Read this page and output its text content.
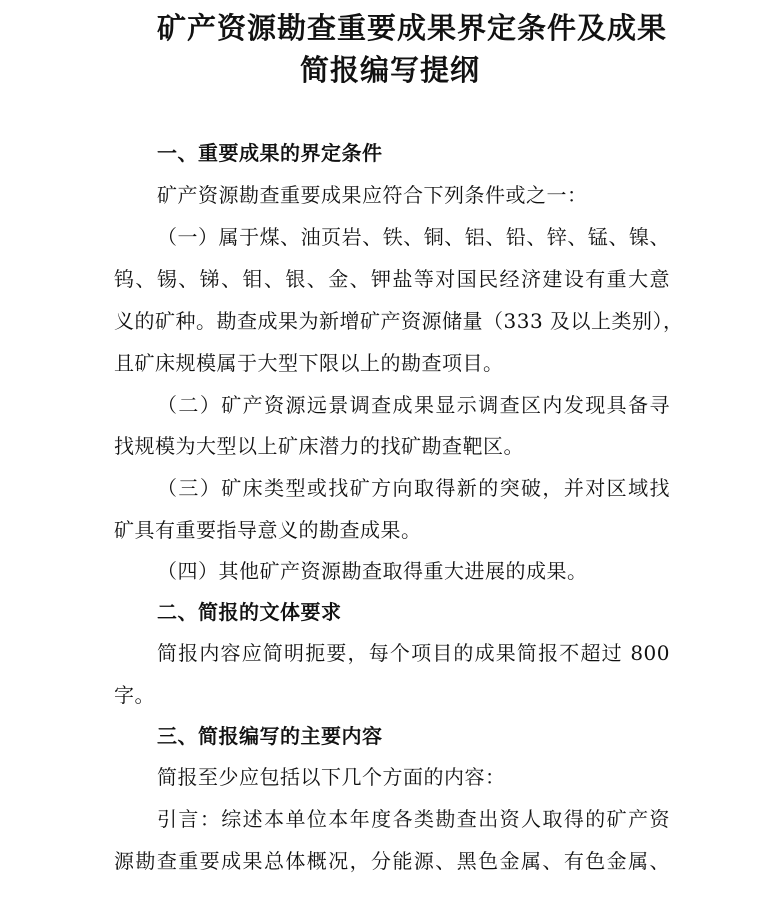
矿产资源勘查重要成果界定条件及成果
简报编写提纲
一、重要成果的界定条件
矿产资源勘查重要成果应符合下列条件或之一：
（一）属于煤、油页岩、铁、铜、铝、铅、锌、锰、镍、
钨、锡、锑、钼、银、金、钾盐等对国民经济建设有重大意
义的矿种。勘查成果为新增矿产资源储量（333 及以上类别），
且矿床规模属于大型下限以上的勘查项目。
（二）矿产资源远景调查成果显示调查区内发现具备寻
找规模为大型以上矿床潜力的找矿勘查靶区。
（三）矿床类型或找矿方向取得新的突破，并对区域找
矿具有重要指导意义的勘查成果。
（四）其他矿产资源勘查取得重大进展的成果。
二、简报的文体要求
简报内容应简明扼要，每个项目的成果简报不超过 800
字。
三、简报编写的主要内容
简报至少应包括以下几个方面的内容：
引言：综述本单位本年度各类勘查出资人取得的矿产资
源勘查重要成果总体概况，分能源、黑色金属、有色金属、
